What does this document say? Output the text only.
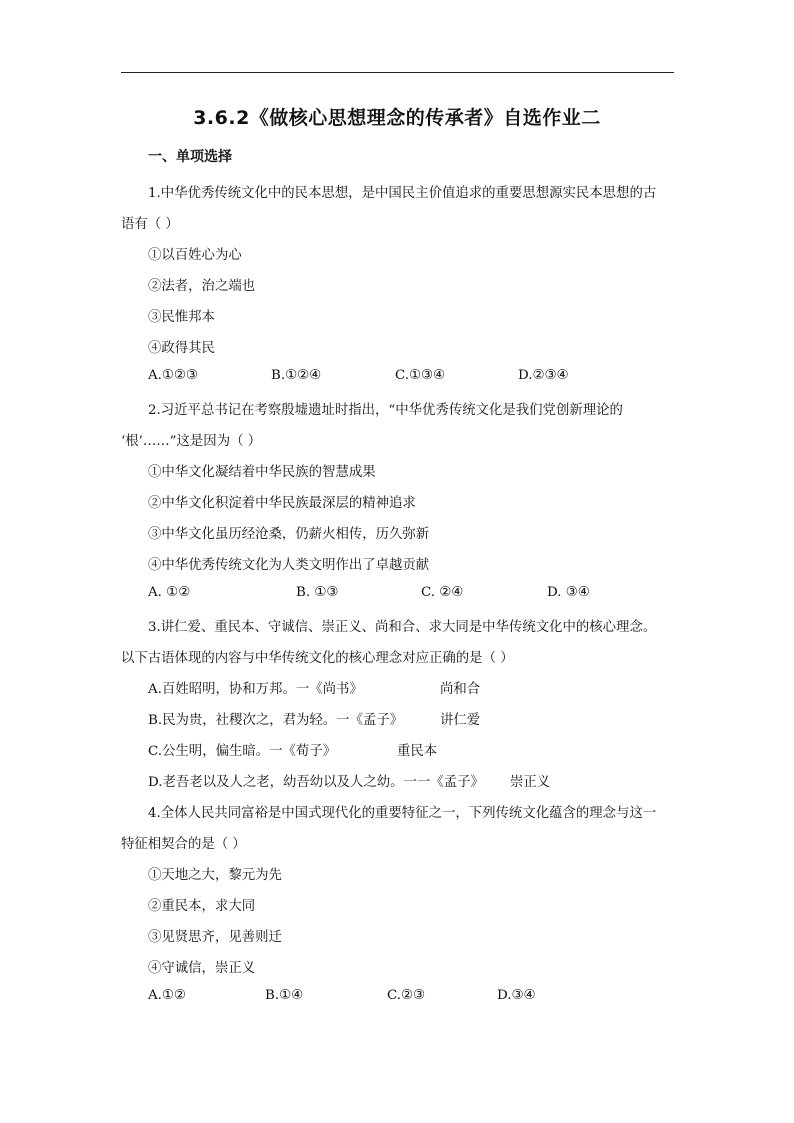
3.6.2《做核心思想理念的传承者》自选作业二
一、单项选择
1.中华优秀传统文化中的民本思想，是中国民主价值追求的重要思想源实民本思想的古
语有（ ）
①以百姓心为心
②法者，治之端也
③民惟邦本
④政得其民
A.①②③	B.①②④	C.①③④	D.②③④
2.习近平总书记在考察殷墟遗址时指出，“中华优秀传统文化是我们党创新理论的
‘根’……”这是因为（ ）
①中华文化凝结着中华民族的智慧成果
②中华文化积淀着中华民族最深层的精神追求
③中华文化虽历经沧桑，仍薪火相传，历久弥新
④中华优秀传统文化为人类文明作出了卓越贡献
A. ①②	B. ①③	C. ②④	D. ③④
3.讲仁爱、重民本、守诚信、崇正义、尚和合、求大同是中华传统文化中的核心理念。
以下古语体现的内容与中华传统文化的核心理念对应正确的是（ ）
A.百姓昭明，协和万邦。一《尚书》	尚和合
B.民为贵，社稷次之，君为轻。一《孟子》	讲仁爱
C.公生明，偏生暗。一《荀子》	重民本
D.老吾老以及人之老，幼吾幼以及人之幼。一一《孟子》 崇正义
4.全体人民共同富裕是中国式现代化的重要特征之一，下列传统文化蕴含的理念与这一
特征相契合的是（ ）
①天地之大，黎元为先
②重民本，求大同
③见贤思齐，见善则迁
④守诚信，崇正义
A.①②	B.①④	C.②③	D.③④
